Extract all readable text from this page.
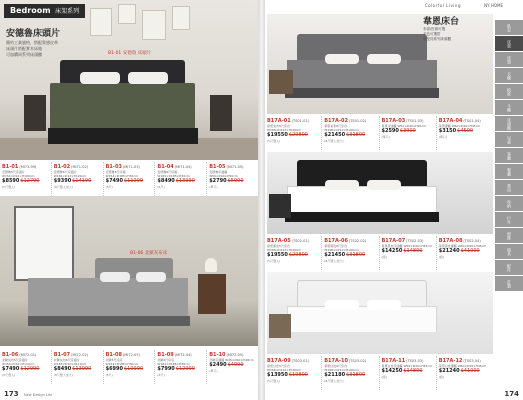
Bedroom 床架系列
安德魯床頭片
簡約工業風格，搭配質感皮革
床頭片搭配實木床箱
可加購同系列床頭櫃	B1-01 安德魯 床頭片
B1-01(MI71-99)
安德魯5尺床頭片 W154×D12×H100cm
$8590$12790
(5尺雙人)
B1-02(MI71-02)
安德魯6尺床頭片 W184×D12×H100cm
$9390$14190
(6尺雙人加大)
B1-03(MI71-03)
安德魯5尺床箱 W154×D185×H32cm
$7490$11990
(5尺)
B1-04(MI71-04)
安德魯6尺床箱 W184×D185×H32cm
$8490$13990
(6尺)
B1-05(MI71-05)
安德魯床頭櫃 W50×D40×H50cm
$2790$5990
(單只)
B1-06 北歐灰布床
B1-06(MI72-01)
北歐灰布5尺床頭片 W154×D10×H110cm
$7490$12990
(5尺雙人)
B1-07(MI72-02)
北歐灰布6尺床頭片 W184×D10×H110cm
$8490$13990
(6尺雙人加大)
B1-08(MI72-03)
北歐5尺床底 W154×D186×H30cm
$6990$10990
(5尺)
B1-09(MI72-04)
北歐6尺床底 W184×D186×H30cm
$7990$12990
(6尺)
B1-10(MI72-05)
北歐床頭櫃 W45×D40×H48cm
$2490$4990
(單只)
173 New Design Life
Colorful Living	NY HOME
韋恩床台
布面/皮面可選
多色可選搭
搭配同系列床頭櫃
B17A-01(TS01-01)
韋恩灰布5尺床台 W168×D210×H100cm
$19550$29800
(5尺雙人)
B17A-02(TS01-02)
韋恩灰布6尺床台 W198×D210×H100cm
$21450$31800
(6尺雙人加大)
B17A-03(TS01-03)
韋恩床頭櫃 W50×D40×H45cm
$2590$3900
(單只)
B17A-04(TS01-04)
韋恩邊櫃 W60×D40×H45cm
$3150$4500
(單只)
B17A-05(TS02-01)
韋恩黑皮5尺床台 W168×D210×H100cm
$19550$29800
(5尺雙人)
B17A-06(TS02-02)
韋恩黑皮6尺床台 W198×D210×H100cm
$21450$31800
(6尺雙人加大)
B17A-07(TS02-03)
韋恩黑皮床頭櫃 W50×D40×H45cm
$14250$14800
(組)
B17A-08(TS02-04)
韋恩黑皮邊櫃 W60×D40×H45cm
$21240$41000
(組)
B17A-09(TS03-01)
韋恩白皮5尺床台 W168×D210×H100cm
$13950$19800
(5尺雙人)
B17A-10(TS03-02)
韋恩白皮6尺床台 W198×D210×H100cm
$21180$31800
(6尺雙人加大)
B17A-11(TS03-03)
韋恩白皮床頭櫃 W50×D40×H45cm
$14250$14800
(組)
B17A-12(TS03-04)
韋恩白皮邊櫃 W60×D40×H45cm
$21240$41000
(組)
臥室
床架
床墊
衣櫃
梳妝
斗櫃
床頭櫃
兒童
客廳
餐廳
書房
收納
戶外
燈飾
寢具
配件
訂製
174
